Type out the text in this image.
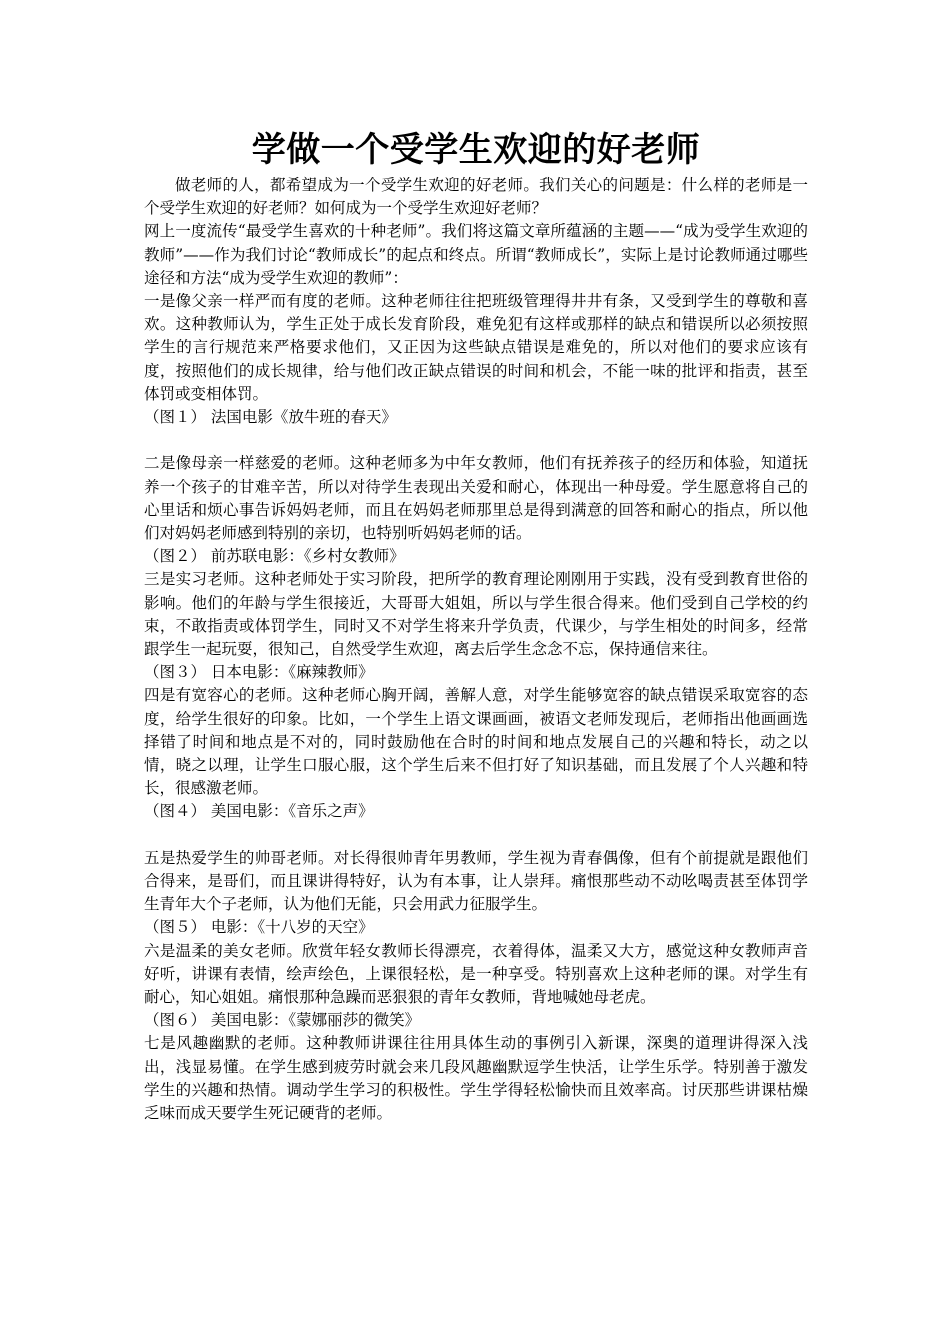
学做一个受学生欢迎的好老师

做老师的人，都希望成为一个受学生欢迎的好老师。我们关心的问题是：什么样的老师是一个受学生欢迎的好老师？如何成为一个受学生欢迎好老师？

网上一度流传“最受学生喜欢的十种老师”。我们将这篇文章所蕴涵的主题——“成为受学生欢迎的教师”——作为我们讨论“教师成长”的起点和终点。所谓“教师成长”，实际上是讨论教师通过哪些途径和方法“成为受学生欢迎的教师”：

一是像父亲一样严而有度的老师。这种老师往往把班级管理得井井有条，又受到学生的尊敬和喜欢。这种教师认为，学生正处于成长发育阶段，难免犯有这样或那样的缺点和错误所以必须按照学生的言行规范来严格要求他们，又正因为这些缺点错误是难免的，所以对他们的要求应该有度，按照他们的成长规律，给与他们改正缺点错误的时间和机会，不能一味的批评和指责，甚至体罚或变相体罚。

（图１） 法国电影《放牛班的春天》

二是像母亲一样慈爱的老师。这种老师多为中年女教师，他们有抚养孩子的经历和体验，知道抚养一个孩子的甘难辛苦，所以对待学生表现出关爱和耐心，体现出一种母爱。学生愿意将自己的心里话和烦心事告诉妈妈老师，而且在妈妈老师那里总是得到满意的回答和耐心的指点，所以他们对妈妈老师感到特别的亲切，也特别听妈妈老师的话。

（图２） 前苏联电影：《乡村女教师》

三是实习老师。这种老师处于实习阶段，把所学的教育理论刚刚用于实践，没有受到教育世俗的影响。他们的年龄与学生很接近，大哥哥大姐姐，所以与学生很合得来。他们受到自己学校的约束，不敢指责或体罚学生，同时又不对学生将来升学负责，代课少，与学生相处的时间多，经常跟学生一起玩耍，很知己，自然受学生欢迎，离去后学生念念不忘，保持通信来往。

（图３） 日本电影：《麻辣教师》

四是有宽容心的老师。这种老师心胸开阔，善解人意，对学生能够宽容的缺点错误采取宽容的态度，给学生很好的印象。比如，一个学生上语文课画画，被语文老师发现后，老师指出他画画选择错了时间和地点是不对的，同时鼓励他在合时的时间和地点发展自己的兴趣和特长，动之以情，晓之以理，让学生口服心服，这个学生后来不但打好了知识基础，而且发展了个人兴趣和特长，很感激老师。

（图４） 美国电影：《音乐之声》

五是热爱学生的帅哥老师。对长得很帅青年男教师，学生视为青春偶像，但有个前提就是跟他们合得来，是哥们，而且课讲得特好，认为有本事，让人崇拜。痛恨那些动不动吆喝责甚至体罚学生青年大个子老师，认为他们无能，只会用武力征服学生。

（图５） 电影：《十八岁的天空》

六是温柔的美女老师。欣赏年轻女教师长得漂亮，衣着得体，温柔又大方，感觉这种女教师声音好听，讲课有表情，绘声绘色，上课很轻松，是一种享受。特别喜欢上这种老师的课。对学生有耐心，知心姐姐。痛恨那种急躁而恶狠狠的青年女教师，背地喊她母老虎。

（图６） 美国电影：《蒙娜丽莎的微笑》

七是风趣幽默的老师。这种教师讲课往往用具体生动的事例引入新课，深奥的道理讲得深入浅出，浅显易懂。在学生感到疲劳时就会来几段风趣幽默逗学生快活，让学生乐学。特别善于激发学生的兴趣和热情。调动学生学习的积极性。学生学得轻松愉快而且效率高。讨厌那些讲课枯燥乏味而成天要学生死记硬背的老师。
